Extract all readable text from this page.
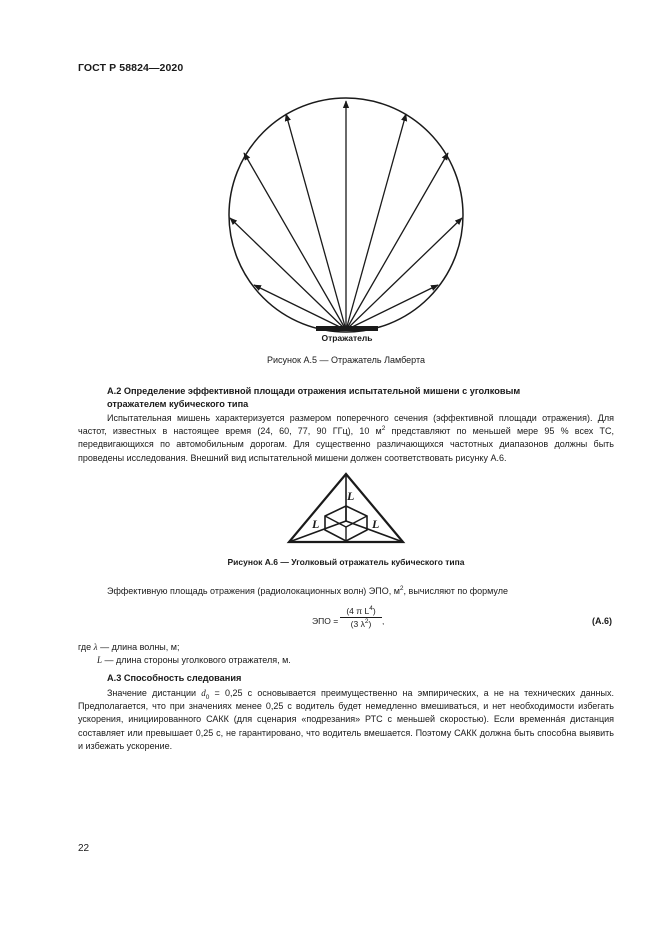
ГОСТ Р 58824—2020
L
L	L
Отражатель
Рисунок А.5 — Отражатель Ламберта
А.2 Определение эффективной площади отражения испытательной мишени с уголковым
отражателем кубического типа
Испытательная мишень характеризуется размером поперечного сечения (эффективной площади отражения). Для частот, известных в настоящее время (24, 60, 77, 90 ГГц), 10 $м^2$ представляют по меньшей мере 95 % всех ТС, передвигающихся по автомобильным дорогам. Для существенно различающихся частотных диапазонов должны быть проведены исследования. Внешний вид испытательной мишени должен соответствовать рисунку А.6.
Рисунок А.6 — Уголковый отражатель кубического типа
Эффективную площадь отражения (радиолокационных волн) ЭПО, $м^2$, вычисляют по формуле
ЭПО =
(4 π $L^4$)
(3 $\lambda^2$)	,	(А.6)
где λ — длина волны, м;
L — длина стороны уголкового отражателя, м.
А.3 Способность следования
Значение дистанции $d_0 = 0,25$ с основывается преимущественно на эмпирических, а не на технических данных. Предполагается, что при значениях менее 0,25 с водитель будет немедленно вмешиваться, и нет необходимости избегать ускорения, инициированного САКК (для сценария «подрезания» РТС с меньшей скоростью). Если временнáя дистанция составляет или превышает 0,25 с, не гарантировано, что водитель вмешается. Поэтому САКК должна быть способна выявить и избежать ускорение.
22
